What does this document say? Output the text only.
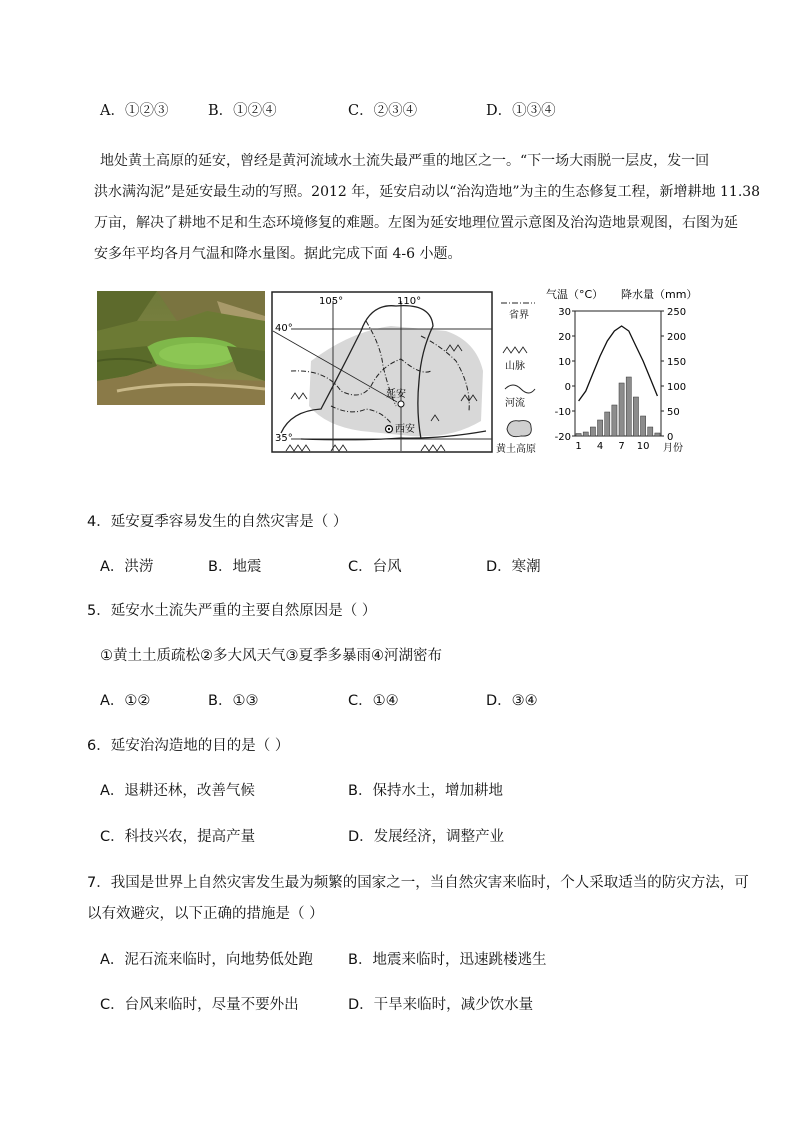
A．①②③	B．①②④	C．②③④	D．①③④
地处黄土高原的延安，曾经是黄河流域水土流失最严重的地区之一。“下一场大雨脱一层皮，发一回
洪水满沟泥”是延安最生动的写照。2012 年，延安启动以“治沟造地”为主的生态修复工程，新增耕地 11.38
万亩，解决了耕地不足和生态环境修复的难题。左图为延安地理位置示意图及治沟造地景观图，右图为延
安多年平均各月气温和降水量图。据此完成下面 4-6 小题。
105°	110°
40°
35°
延安
西安
省界
山脉
河流
黄土高原
气温（°C） 降水量（mm）
30
20
10
0
-10
-20
250
200
150
100
50
0
1 4 7 10 月份
4．延安夏季容易发生的自然灾害是（ ）
A．洪涝	B．地震	C．台风	D．寒潮
5．延安水土流失严重的主要自然原因是（ ）
①黄土土质疏松②多大风天气③夏季多暴雨④河湖密布
A．①②	B．①③	C．①④	D．③④
6．延安治沟造地的目的是（ ）
A．退耕还林，改善气候	B．保持水土，增加耕地
C．科技兴农，提高产量	D．发展经济，调整产业
7．我国是世界上自然灾害发生最为频繁的国家之一，当自然灾害来临时，个人采取适当的防灾方法，可
以有效避灾，以下正确的措施是（ ）
A．泥石流来临时，向地势低处跑 B．地震来临时，迅速跳楼逃生
C．台风来临时，尽量不要外出	D．干旱来临时，减少饮水量
